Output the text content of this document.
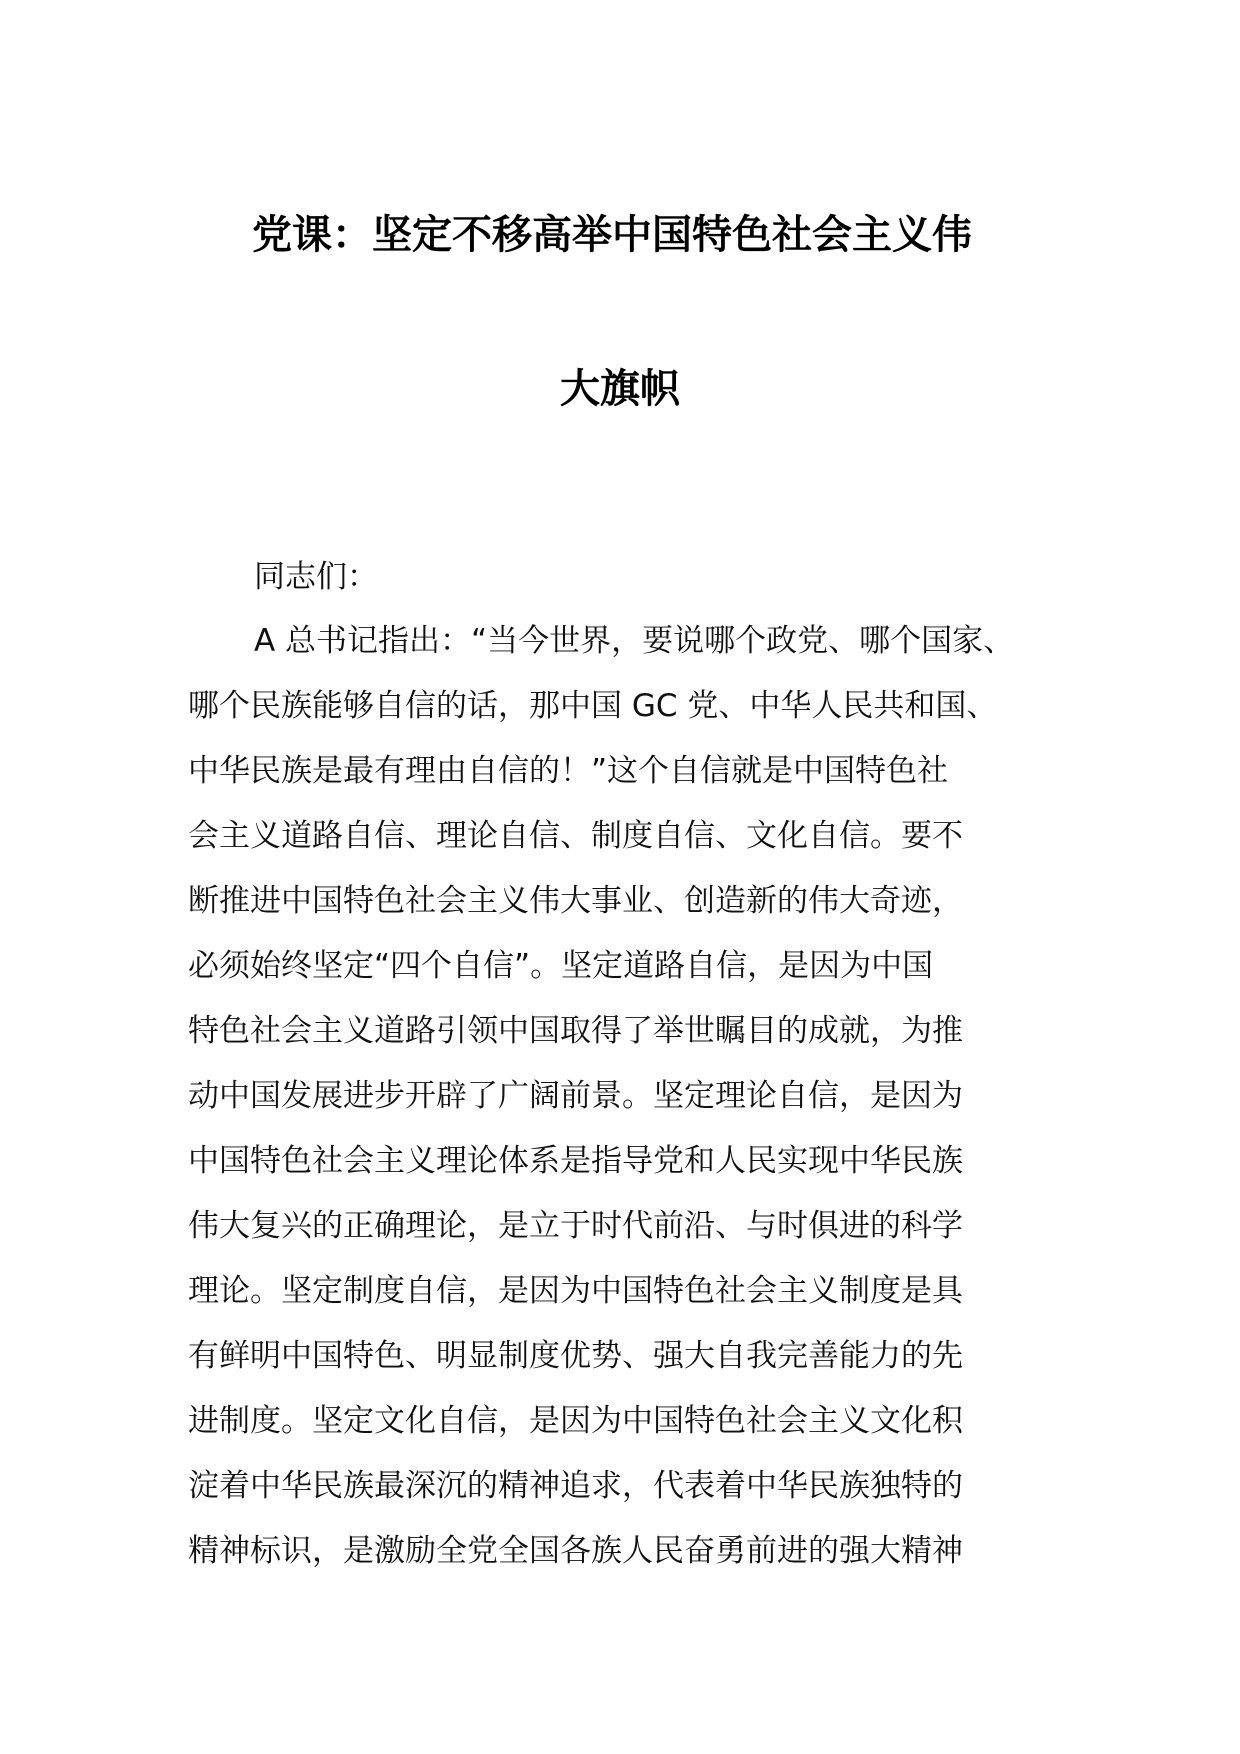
党课：坚定不移高举中国特色社会主义伟
大旗帜
同志们：
A 总书记指出：“当今世界，要说哪个政党、哪个国家、
哪个民族能够自信的话，那中国 GC 党、中华人民共和国、
中华民族是最有理由自信的！”这个自信就是中国特色社
会主义道路自信、理论自信、制度自信、文化自信。要不
断推进中国特色社会主义伟大事业、创造新的伟大奇迹，
必须始终坚定“四个自信”。坚定道路自信，是因为中国
特色社会主义道路引领中国取得了举世瞩目的成就，为推
动中国发展进步开辟了广阔前景。坚定理论自信，是因为
中国特色社会主义理论体系是指导党和人民实现中华民族
伟大复兴的正确理论，是立于时代前沿、与时俱进的科学
理论。坚定制度自信，是因为中国特色社会主义制度是具
有鲜明中国特色、明显制度优势、强大自我完善能力的先
进制度。坚定文化自信，是因为中国特色社会主义文化积
淀着中华民族最深沉的精神追求，代表着中华民族独特的
精神标识，是激励全党全国各族人民奋勇前进的强大精神
